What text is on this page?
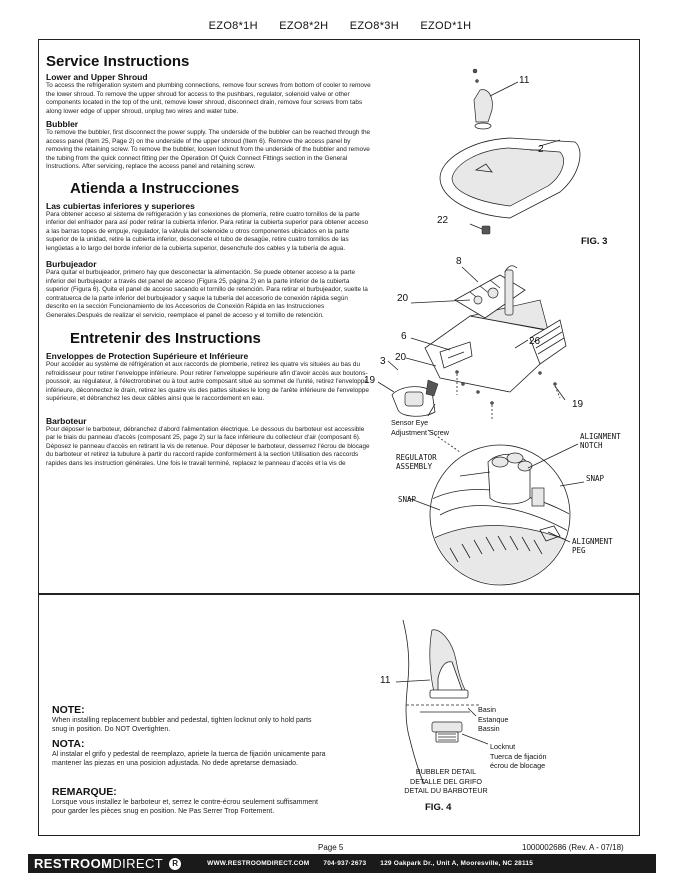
EZO8*1H EZO8*2H EZO8*3H EZOD*1H
Service Instructions
Lower and Upper Shroud
To access the refrigeration system and plumbing connections, remove four screws from bottom of cooler to remove the lower shroud. To remove the upper shroud for access to the pushbars, regulator, solenoid valve or other components located in the top of the unit, remove lower shroud, disconnect drain, remove four screws from tabs along lower edge of upper shroud, unplug two wires and water tube.
Bubbler
To remove the bubbler, first disconnect the power supply. The underside of the bubbler can be reached through the access panel (Item 25, Page 2) on the underside of the upper shroud (Item 6). Remove the access panel by removing the retaining screw. To remove the bubbler, loosen locknut from the underside of the bubbler and remove the tubing from the quick connect fitting per the Operation Of Quick Connect Fittings section in the General Instructions. After servicing, replace the access panel and retaining screw.
Atienda a Instrucciones
Las cubiertas inferiores y superiores
Para obtener acceso al sistema de refrigeración y las conexiones de plomería, retire cuatro tornillos de la parte inferior del enfriador para así poder retirar la cubierta inferior. Para retirar la cubierta superior para obtener acceso a las barras topes de empuje, regulador, la válvula del solenoide u otros componentes ubicados en la parte superior de la unidad, retire la cubierta inferior, desconecte el tubo de desagüe, retire cuatro tornillos de las lengüetas a lo largo del borde inferior de la cubierta superior, desenchufe dos cables y la tubería de agua.
Burbujeador
Para quitar el burbujeador, primero hay que desconectar la alimentación. Se puede obtener acceso a la parte inferior del burbujeador a través del panel de acceso (Figura 25, página 2) en la parte inferior de la cubierta superior (Figura 6). Quite el panel de acceso sacando el tornillo de retención. Para retirar el burbujeador, suelte la contratuerca de la parte inferior del burbujeador y saque la tubería del accesorio de conexión rápida según descrito en la sección Funcionamiento de los Accesorios de Conexión Rápida en las Instrucciones Generales.Después de realizar el servicio, reemplace el panel de acceso y el tornillo de retención.
Entretenir des Instructions
Enveloppes de Protection Supérieure et Inférieure
Pour accéder au système de réfrigération et aux raccords de plomberie, retirez les quatre vis situées au bas du refroidisseur pour retirer l'enveloppe inférieure. Pour retirer l'enveloppe supérieure afin d'avoir accès aux boutons-poussoir, au régulateur, à l'électrorobinet ou à tout autre composant situé au sommet de l'unité, retirez l'enveloppe inférieure, déconnectez le drain, retirez les quatre vis des pattes situées le long de l'arête inférieure de l'enveloppe supérieure, et débranchez les deux câbles ainsi que le raccordement en eau.
Barboteur
Pour déposer le barboteur, débranchez d'abord l'alimentation électrique. Le dessous du barboteur est accessible par le biais du panneau d'accès (composant 25, page 2) sur la face inférieure du collecteur d'air (composant 6). Déposez le panneau d'accès en retirant la vis de retenue. Pour déposer le barboteur, desserrez l'écrou de blocage du barboteur et retirez la tubulure à partir du raccord rapide conformément à la section Utilisation des raccords rapides dans les instruction générales. Une fois le travail terminé, replacez le panneau d'accès et la vis de
11
2
22
8
20
6	26
3 20
19
19
FIG. 3
Sensor Eye
Adjustment Screw
REGULATOR
ASSEMBLY
ALIGNMENT
NOTCH
SNAP
SNAP
ALIGNMENT
PEG
11
Basin
Estanque
Bassin
Locknut
Tuerca de fijación
écrou de blocage
BUBBLER DETAIL
DETALLE DEL GRIFO
DETAIL DU BARBOTEUR
FIG. 4
NOTE:
When installing replacement bubbler and pedestal, tighten locknut only to hold parts snug in position. Do NOT Overtighten.
NOTA:
Al instalar el grifo y pedestal de reemplazo, apriete la tuerca de fijación unicamente para mantener las piezas en una posicion adjustada. No dede apretarse demasiado.
REMARQUE:
Lorsque vous installez le barboteur et, serrez le contre-écrou seulement suffisamment pour garder les pièces snug en position. Ne Pas Serrer Trop Fortement.
Page 5	1000002686 (Rev. A - 07/18)
RESTROOMDIRECT	R	WWW.RESTROOMDIRECT.COM 704·937·2673 129 Oakpark Dr., Unit A, Mooresville, NC 28115
